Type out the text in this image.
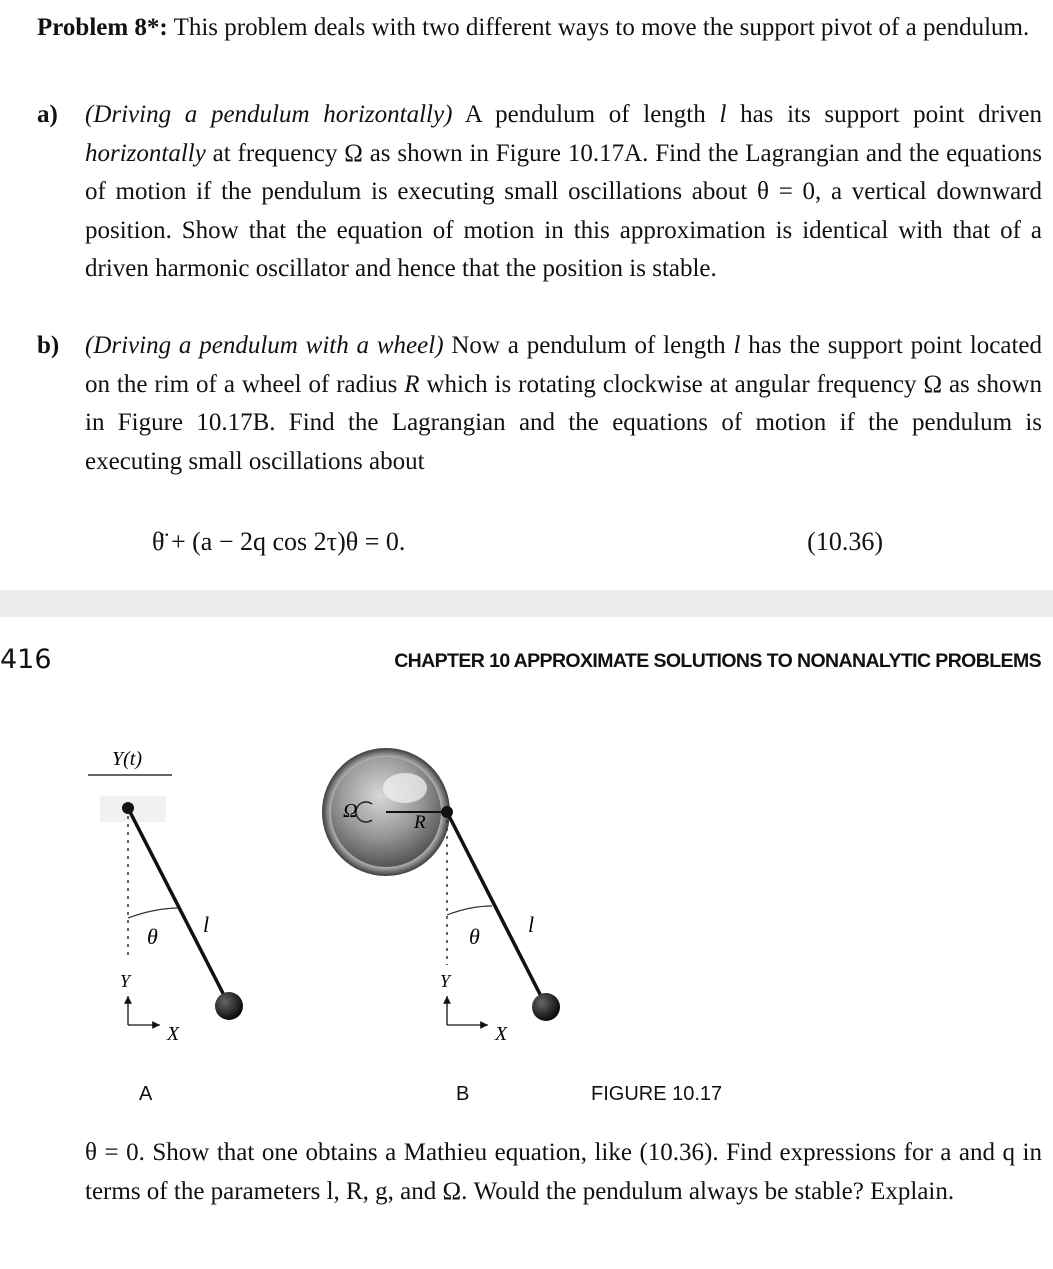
Problem 8*: This problem deals with two different ways to move the support pivot of a pendulum.
a) (Driving a pendulum horizontally) A pendulum of length l has its support point driven horizontally at frequency Ω as shown in Figure 10.17A. Find the Lagrangian and the equations of motion if the pendulum is executing small oscillations about θ = 0, a vertical downward position. Show that the equation of motion in this approximation is identical with that of a driven harmonic oscillator and hence that the position is stable.
b) (Driving a pendulum with a wheel) Now a pendulum of length l has the support point located on the rim of a wheel of radius R which is rotating clockwise at angular frequency Ω as shown in Figure 10.17B. Find the Lagrangian and the equations of motion if the pendulum is executing small oscillations about
θ̈ + (a − 2q cos 2τ)θ = 0.	(10.36)
416	CHAPTER 10 APPROXIMATE SOLUTIONS TO NONANALYTIC PROBLEMS
Y(t)
θ l
Y
X
Ω
R
θ l
Y
X
A	B	FIGURE 10.17
θ = 0. Show that one obtains a Mathieu equation, like (10.36). Find expressions for a and q in terms of the parameters l, R, g, and Ω. Would the pendulum always be stable? Explain.
